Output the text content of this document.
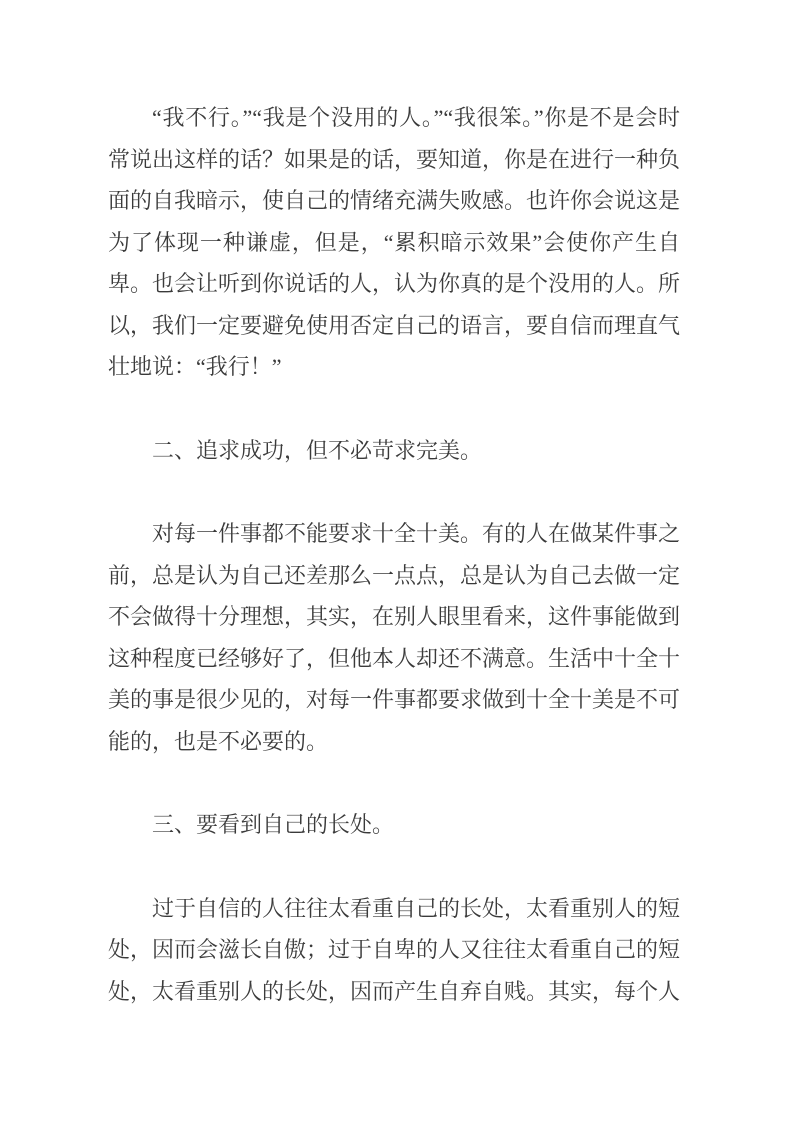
“我不行。”“我是个没用的人。”“我很笨。”你是不是会时常说出这样的话？如果是的话，要知道，你是在进行一种负面的自我暗示，使自己的情绪充满失败感。也许你会说这是为了体现一种谦虚，但是，“累积暗示效果”会使你产生自卑。也会让听到你说话的人，认为你真的是个没用的人。所以，我们一定要避免使用否定自己的语言，要自信而理直气壮地说：“我行！”

二、追求成功，但不必苛求完美。

对每一件事都不能要求十全十美。有的人在做某件事之前，总是认为自己还差那么一点点，总是认为自己去做一定不会做得十分理想，其实，在别人眼里看来，这件事能做到这种程度已经够好了，但他本人却还不满意。生活中十全十美的事是很少见的，对每一件事都要求做到十全十美是不可能的，也是不必要的。

三、要看到自己的长处。

过于自信的人往往太看重自己的长处，太看重别人的短处，因而会滋长自傲；过于自卑的人又往往太看重自己的短处，太看重别人的长处，因而产生自弃自贱。其实，每个人
